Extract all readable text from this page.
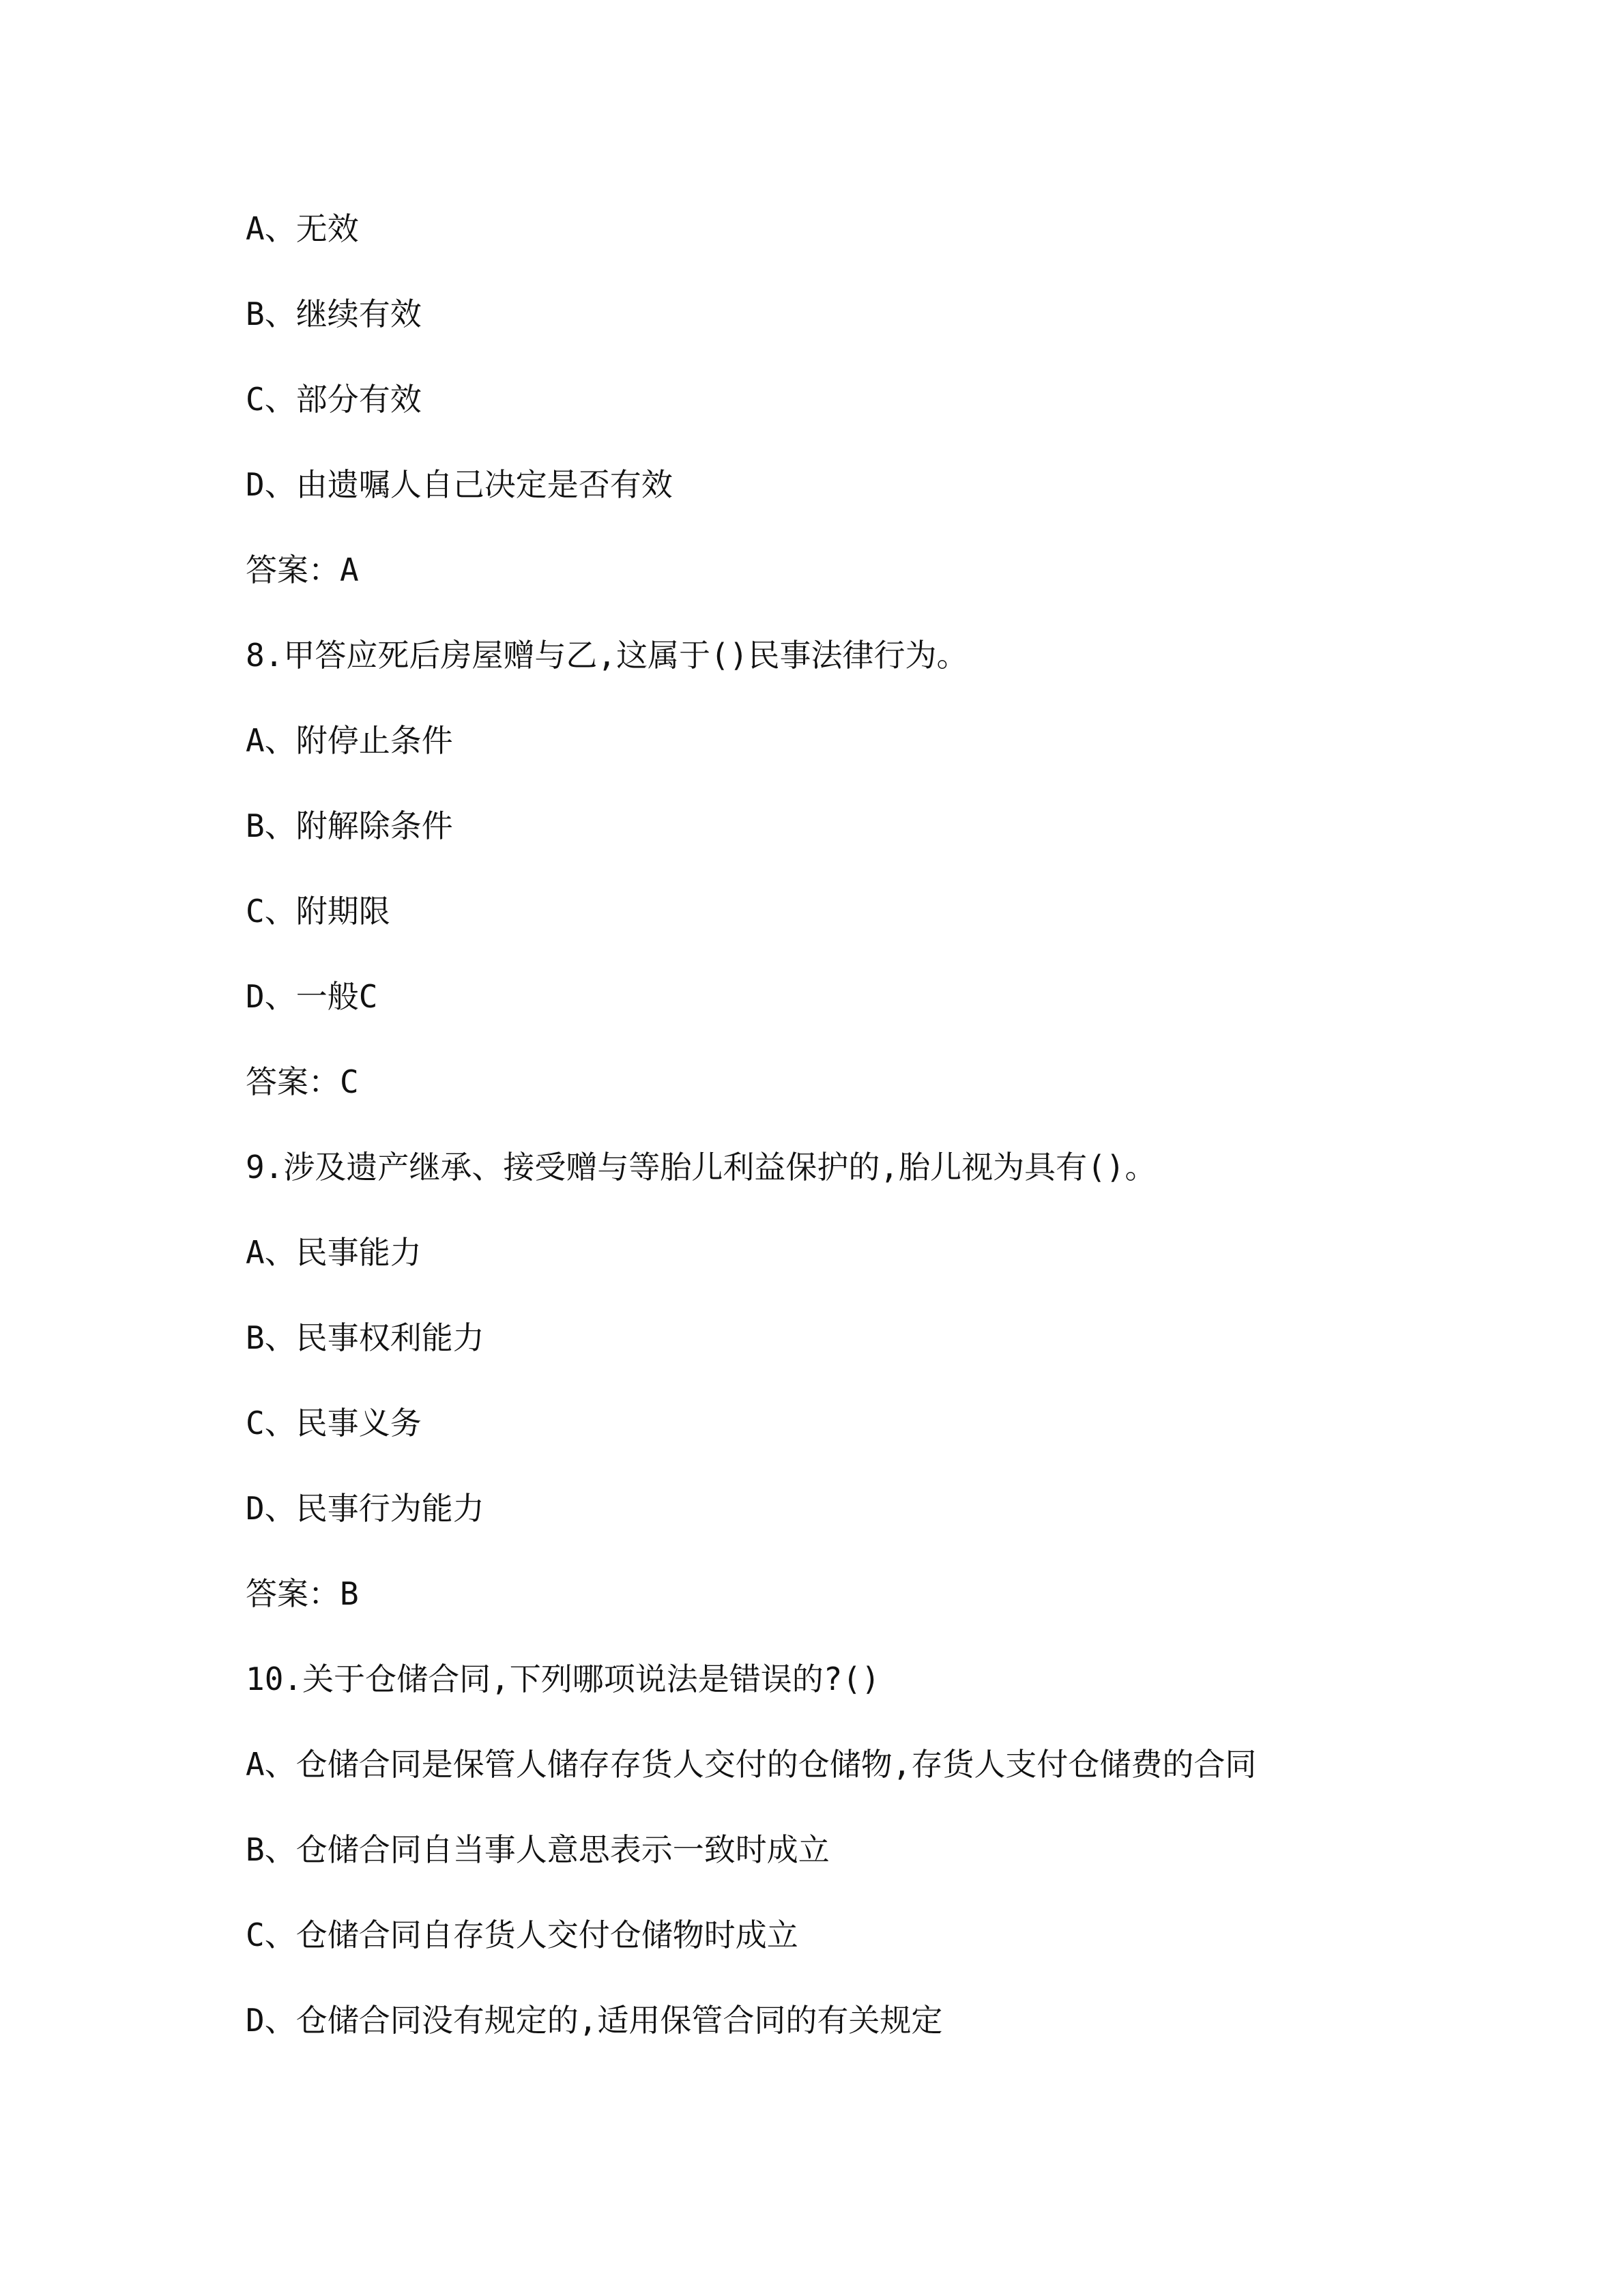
A、无效
B、继续有效
C、部分有效
D、由遗嘱人自己决定是否有效
答案：A
8.甲答应死后房屋赠与乙,这属于()民事法律行为。
A、附停止条件
B、附解除条件
C、附期限
D、一般C
答案：C
9.涉及遗产继承、接受赠与等胎儿利益保护的,胎儿视为具有()。
A、民事能力
B、民事权利能力
C、民事义务
D、民事行为能力
答案：B
10.关于仓储合同,下列哪项说法是错误的?()
A、仓储合同是保管人储存存货人交付的仓储物,存货人支付仓储费的合同
B、仓储合同自当事人意思表示一致时成立
C、仓储合同自存货人交付仓储物时成立
D、仓储合同没有规定的,适用保管合同的有关规定
